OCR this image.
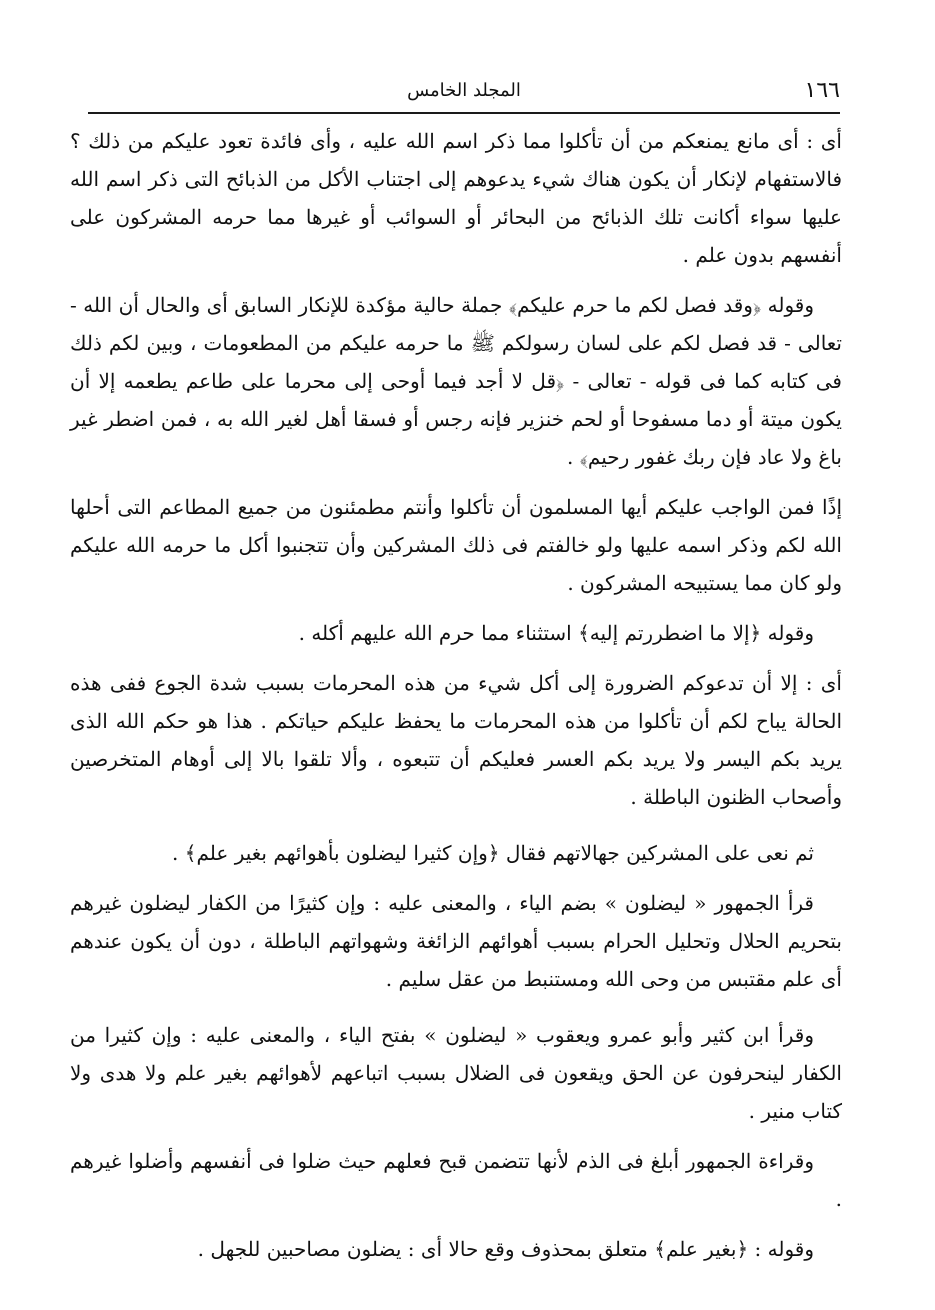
١٦٦
المجلد الخامس

أى : أى مانع يمنعكم من أن تأكلوا مما ذكر اسم الله عليه ، وأى فائدة تعود عليكم من ذلك ؟ فالاستفهام لإنكار أن يكون هناك شيء يدعوهم إلى اجتناب الأكل من الذبائح التى ذكر اسم الله عليها سواء أكانت تلك الذبائح من البحائر أو السوائب أو غيرها مما حرمه المشركون على أنفسهم بدون علم .

وقوله ﴿وقد فصل لكم ما حرم عليكم﴾ جملة حالية مؤكدة للإنكار السابق أى والحال أن الله - تعالى - قد فصل لكم على لسان رسولكم ﷺ ما حرمه عليكم من المطعومات ، وبين لكم ذلك فى كتابه كما فى قوله - تعالى - ﴿قل لا أجد فيما أوحى إلى محرما على طاعم يطعمه إلا أن يكون ميتة أو دما مسفوحا أو لحم خنزير فإنه رجس أو فسقا أهل لغير الله به ، فمن اضطر غير باغ ولا عاد فإن ربك غفور رحيم﴾ .

إذًا فمن الواجب عليكم أيها المسلمون أن تأكلوا وأنتم مطمئنون من جميع المطاعم التى أحلها الله لكم وذكر اسمه عليها ولو خالفتم فى ذلك المشركين وأن تتجنبوا أكل ما حرمه الله عليكم ولو كان مما يستبيحه المشركون .

وقوله ﴿إلا ما اضطررتم إليه﴾ استثناء مما حرم الله عليهم أكله .

أى : إلا أن تدعوكم الضرورة إلى أكل شيء من هذه المحرمات بسبب شدة الجوع ففى هذه الحالة يباح لكم أن تأكلوا من هذه المحرمات ما يحفظ عليكم حياتكم . هذا هو حكم الله الذى يريد بكم اليسر ولا يريد بكم العسر فعليكم أن تتبعوه ، وألا تلقوا بالا إلى أوهام المتخرصين وأصحاب الظنون الباطلة .

ثم نعى على المشركين جهالاتهم فقال ﴿وإن كثيرا ليضلون بأهوائهم بغير علم﴾ .

قرأ الجمهور « ليضلون » بضم الياء ، والمعنى عليه : وإن كثيرًا من الكفار ليضلون غيرهم بتحريم الحلال وتحليل الحرام بسبب أهوائهم الزائغة وشهواتهم الباطلة ، دون أن يكون عندهم أى علم مقتبس من وحى الله ومستنبط من عقل سليم .

وقرأ ابن كثير وأبو عمرو ويعقوب « ليضلون » بفتح الياء ، والمعنى عليه : وإن كثيرا من الكفار لينحرفون عن الحق ويقعون فى الضلال بسبب اتباعهم لأهوائهم بغير علم ولا هدى ولا كتاب منير .

وقراءة الجمهور أبلغ فى الذم لأنها تتضمن قبح فعلهم حيث ضلوا فى أنفسهم وأضلوا غيرهم .

وقوله : ﴿بغير علم﴾ متعلق بمحذوف وقع حالا أى : يضلون مصاحبين للجهل .
